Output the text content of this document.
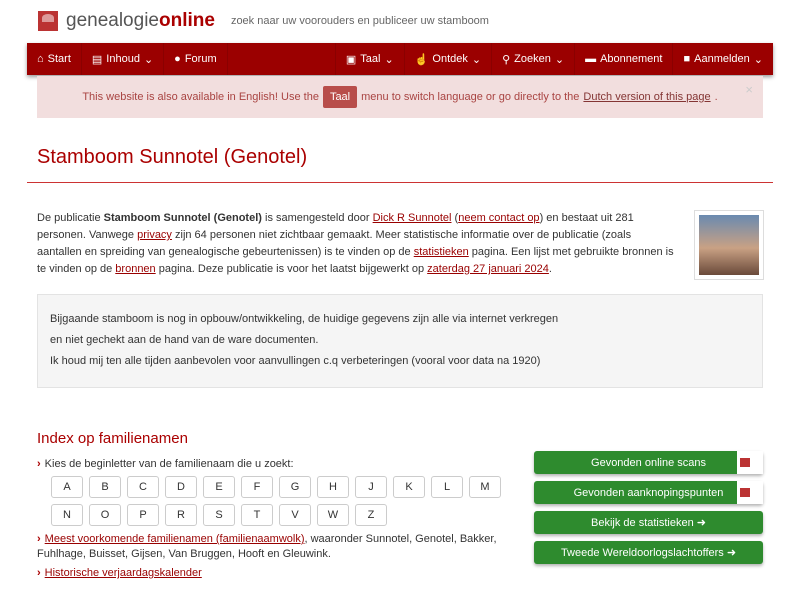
genealogieonline zoek naar uw voorouders en publiceer uw stamboom
⌂ Start ▤ Inhoud ⌄ ● Forum	▣ Taal ⌄ ☝ Ontdek ⌄ ⚲ Zoeken ⌄ ▬ Abonnement ■ Aanmelden ⌄
This website is also available in English! Use the	Taal	menu to switch language or go directly to the Dutch version of this page . ×
Stamboom Sunnotel (Genotel)
De publicatie Stamboom Sunnotel (Genotel) is samengesteld door Dick R Sunnotel (neem contact op) en bestaat uit 281 personen. Vanwege privacy zijn 64 personen niet zichtbaar gemaakt. Meer statistische informatie over de publicatie (zoals aantallen en spreiding van genealogische gebeurtenissen) is te vinden op de statistieken pagina. Een lijst met gebruikte bronnen is te vinden op de bronnen pagina. Deze publicatie is voor het laatst bijgewerkt op zaterdag 27 januari 2024.

Bijgaande stamboom is nog in opbouw/ontwikkeling, de huidige gegevens zijn alle via internet verkregen

en niet gechekt aan de hand van de ware documenten.

Ik houd mij ten alle tijden aanbevolen voor aanvullingen c.q verbeteringen (vooral voor data na 1920)

Index op familienamen

› Kies de beginletter van de familienaam die u zoekt:

A	B	C	D	E	F	G	H	J	K	L	M
N	O	P	R	S	T	V	W	Z

› Meest voorkomende familienamen (familienaamwolk), waaronder Sunnotel, Genotel, Bakker, Fuhlhage, Buisset, Gijsen, Van Bruggen, Hooft en Gleuwink.

› Historische verjaardagskalender

Gevonden online scans
Gevonden aanknopingspunten
Bekijk de statistieken ➜
Tweede Wereldoorlogslachtoffers ➜
